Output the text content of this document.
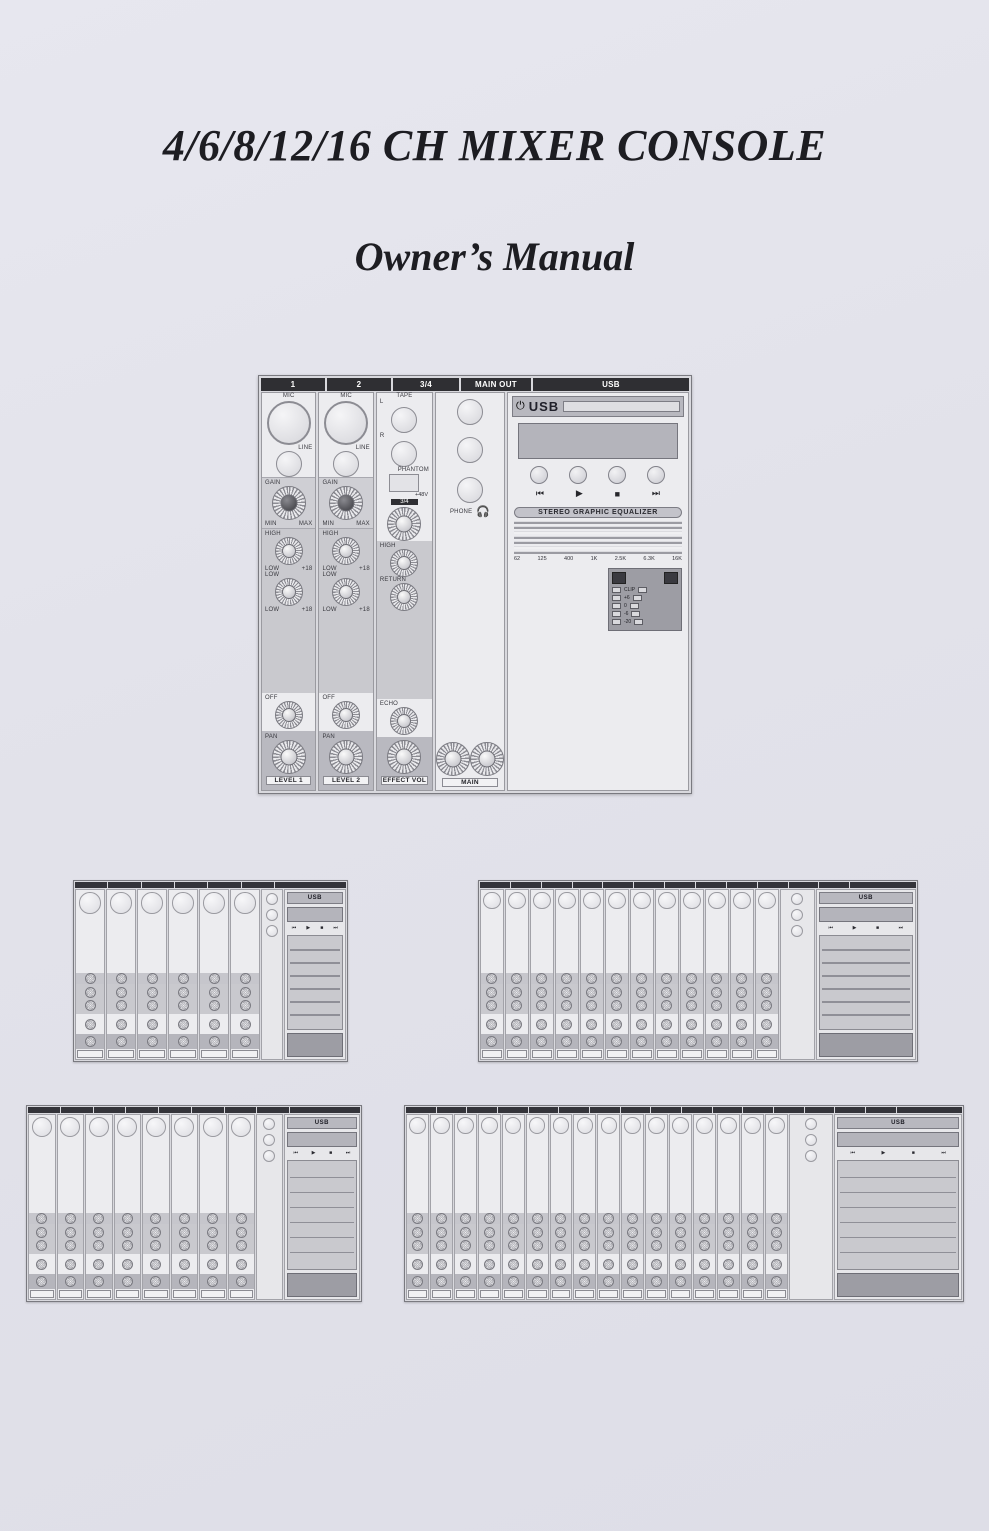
4/6/8/12/16 CH MIXER CONSOLE
Owner’s Manual
1	2	3/4	MAIN OUT	USB
MIC
LINE
GAIN
MIN	MAX
HIGH
LOW	+18
LOW
LOW	+18
OFF
PAN
LEVEL 1
MIC
LINE
GAIN
MIN	MAX
HIGH
LOW	+18
LOW
LOW	+18
OFF
PAN
LEVEL 2
TAPE
L
R
PHANTOM
+48V
3/4
HIGH
RETURN
ECHO
EFFECT VOL
PHONE 🎧
MAIN
⏻ USB
⏮	▶	■	⏭
STEREO GRAPHIC EQUALIZER
62	125	400	1K	2.5K	6.3K	16K
CLIP
+6
0
-6
-20
USB
⏮ ▶ ■ ⏭
USB
⏮	▶	■	⏭
USB
⏮	▶	■	⏭
USB
⏮	▶	■	⏭
